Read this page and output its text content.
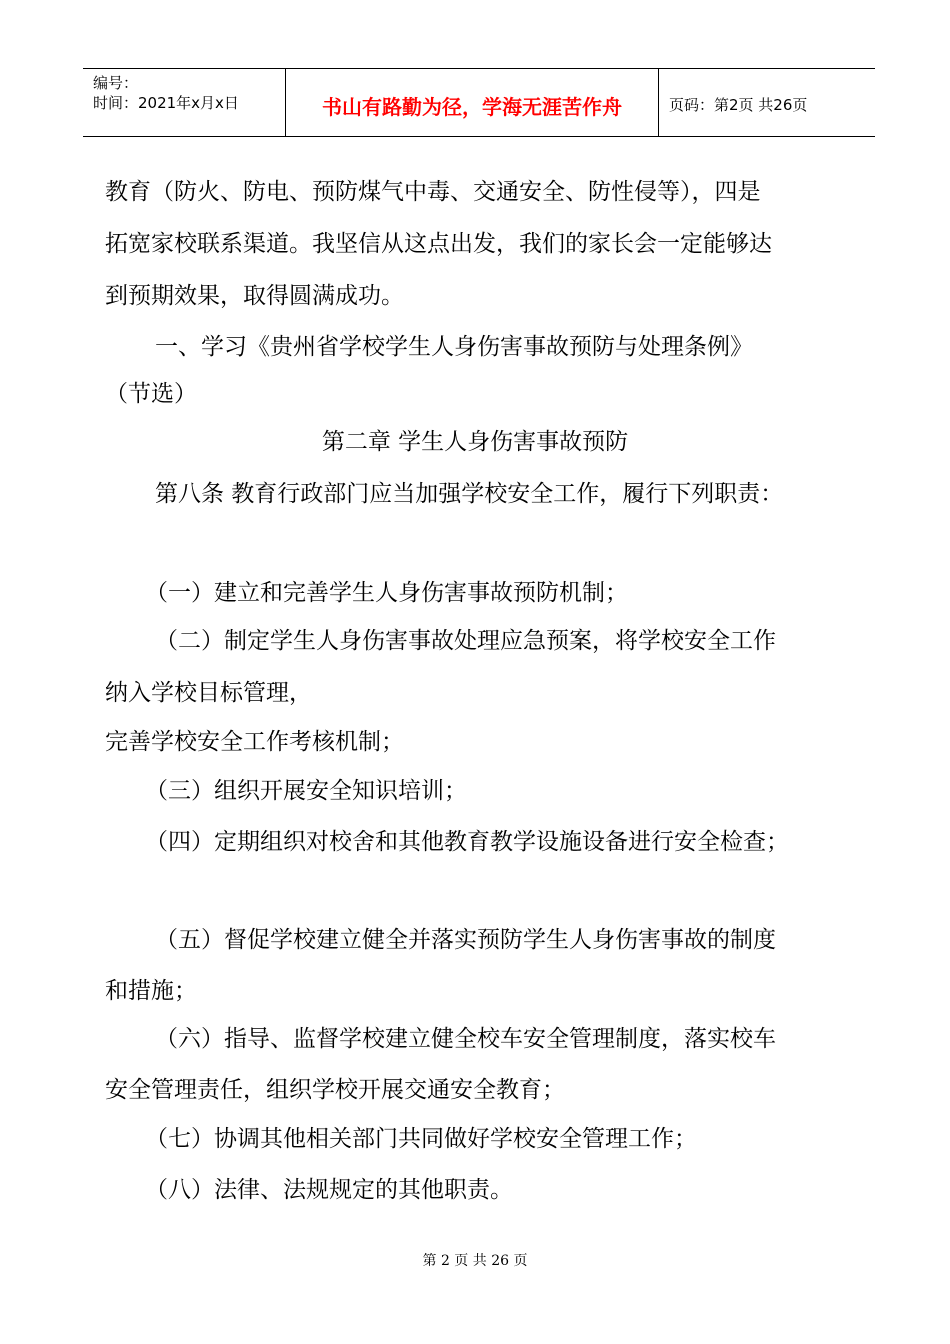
编号：
时间：2021年x月x日	书山有路勤为径，学海无涯苦作舟	页码：第2页 共26页
教育（防火、防电、预防煤气中毒、交通安全、防性侵等），四是
拓宽家校联系渠道。我坚信从这点出发，我们的家长会一定能够达
到预期效果，取得圆满成功。
一、学习《贵州省学校学生人身伤害事故预防与处理条例》
（节选）
第二章 学生人身伤害事故预防
第八条 教育行政部门应当加强学校安全工作，履行下列职责：
（一）建立和完善学生人身伤害事故预防机制；
（二）制定学生人身伤害事故处理应急预案，将学校安全工作
纳入学校目标管理，
完善学校安全工作考核机制；
（三）组织开展安全知识培训；
（四）定期组织对校舍和其他教育教学设施设备进行安全检查；
（五）督促学校建立健全并落实预防学生人身伤害事故的制度
和措施；
（六）指导、监督学校建立健全校车安全管理制度，落实校车
安全管理责任，组织学校开展交通安全教育；
（七）协调其他相关部门共同做好学校安全管理工作；
（八）法律、法规规定的其他职责。
第 2 页 共 26 页
